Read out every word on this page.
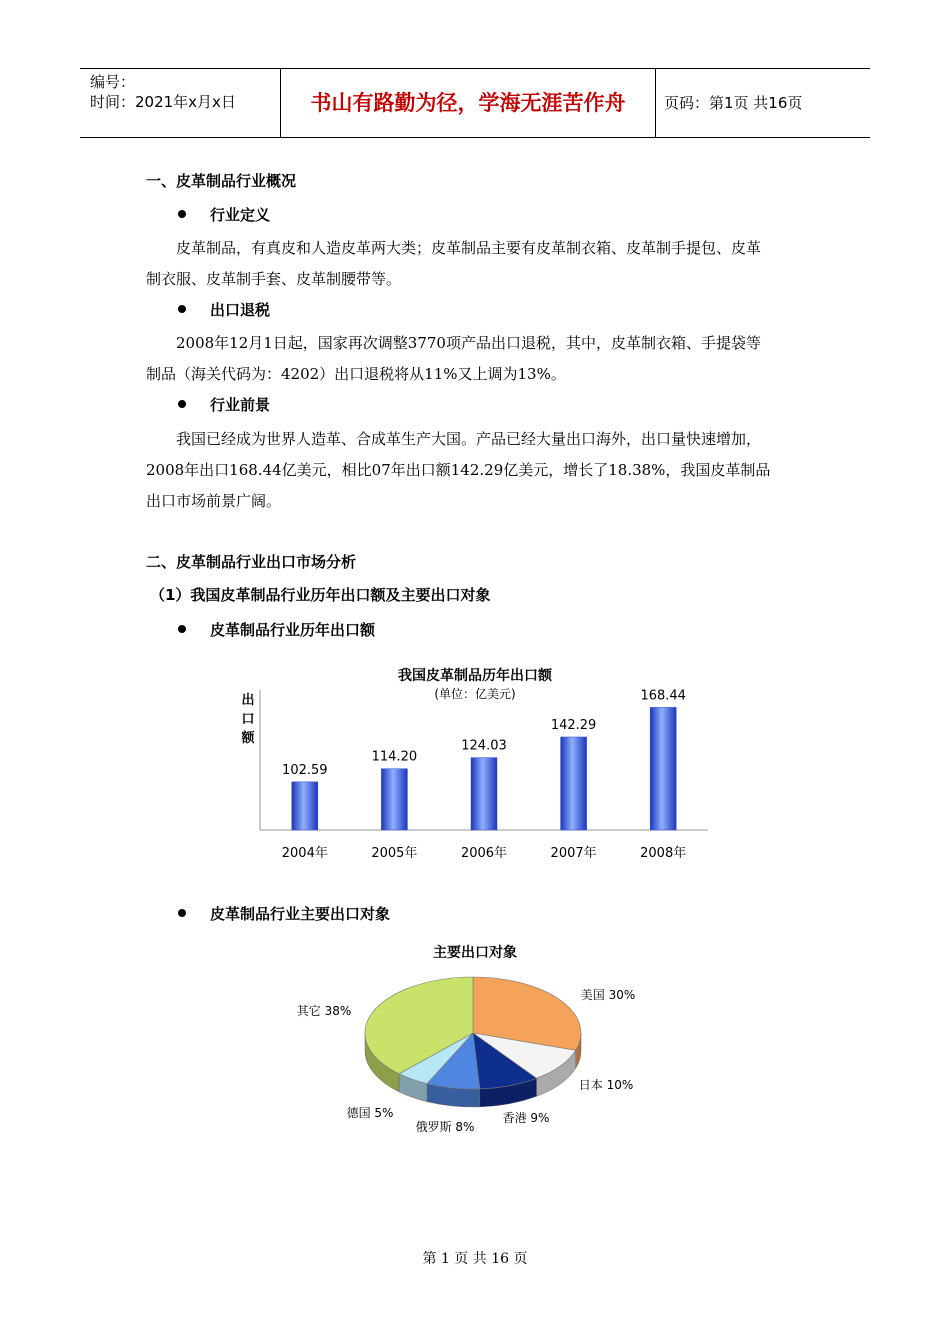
编号：
时间：2021年x月x日	书山有路勤为径，学海无涯苦作舟	页码：第1页 共16页
一、皮革制品行业概况
行业定义
皮革制品，有真皮和人造皮革两大类；皮革制品主要有皮革制衣箱、皮革制手提包、皮革
制衣服、皮革制手套、皮革制腰带等。
出口退税
2008年12月1日起，国家再次调整3770项产品出口退税，其中，皮革制衣箱、手提袋等
制品（海关代码为：4202）出口退税将从11%又上调为13%。
行业前景
我国已经成为世界人造革、合成革生产大国。产品已经大量出口海外，出口量快速增加，
2008年出口168.44亿美元，相比07年出口额142.29亿美元，增长了18.38%，我国皮革制品
出口市场前景广阔。
二、皮革制品行业出口市场分析
（1）我国皮革制品行业历年出口额及主要出口对象
皮革制品行业历年出口额
我国皮革制品历年出口额
(单位：亿美元)
出
口
额
102.59
2004年
114.20
2005年
124.03
2006年
142.29
2007年
168.44
2008年
皮革制品行业主要出口对象
主要出口对象
美国 30%
日本 10%
香港 9%
俄罗斯 8%
德国 5%
其它 38%
第 1 页 共 16 页
